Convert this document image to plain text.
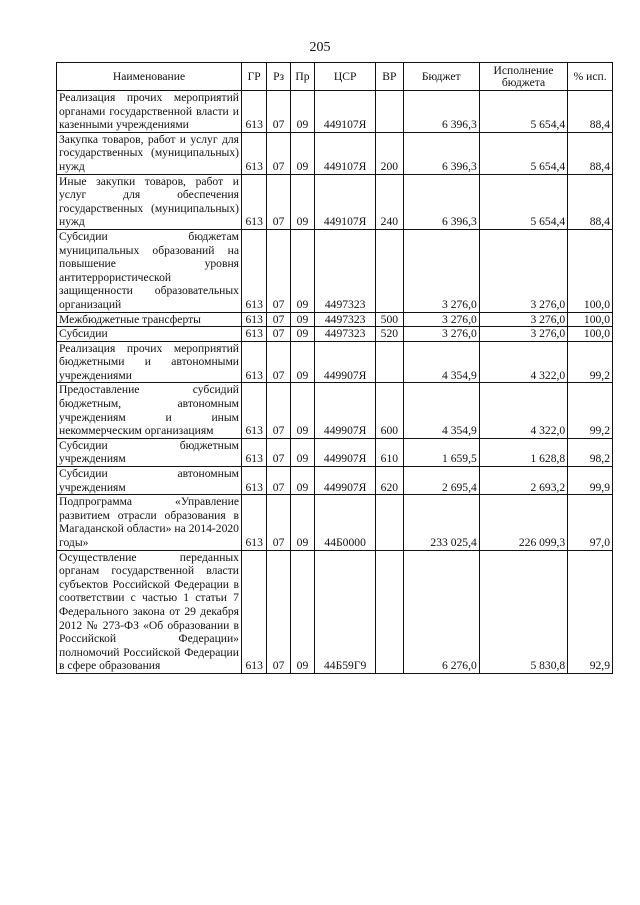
205
Наименование	ГР	Рз	Пр	ЦСР	ВР	Бюджет	Исполнение бюджета	% исп.
Реализация прочих мероприятий органами государственной власти и казенными учреждениями	613	07	09	449107Я		6 396,3	5 654,4	88,4
Закупка товаров, работ и услуг для государственных (муниципальных) нужд	613	07	09	449107Я	200	6 396,3	5 654,4	88,4
Иные закупки товаров, работ и услуг для обеспечения государственных (муниципальных) нужд	613	07	09	449107Я	240	6 396,3	5 654,4	88,4
Субсидии бюджетам муниципальных образований на повышение уровня антитеррористической защищенности образовательных организаций	613	07	09	4497323		3 276,0	3 276,0	100,0
Межбюджетные трансферты	613	07	09	4497323	500	3 276,0	3 276,0	100,0
Субсидии	613	07	09	4497323	520	3 276,0	3 276,0	100,0
Реализация прочих мероприятий бюджетными и автономными учреждениями	613	07	09	449907Я		4 354,9	4 322,0	99,2
Предоставление субсидий бюджетным, автономным учреждениям и иным некоммерческим организациям	613	07	09	449907Я	600	4 354,9	4 322,0	99,2
Субсидии бюджетным учреждениям	613	07	09	449907Я	610	1 659,5	1 628,8	98,2
Субсидии автономным учреждениям	613	07	09	449907Я	620	2 695,4	2 693,2	99,9
Подпрограмма «Управление развитием отрасли образования в Магаданской области» на 2014-2020 годы»	613	07	09	44Б0000		233 025,4	226 099,3	97,0
Осуществление переданных органам государственной власти субъектов Российской Федерации в соответствии с частью 1 статьи 7 Федерального закона от 29 декабря 2012 № 273-ФЗ «Об образовании в Российской Федерации» полномочий Российской Федерации в сфере образования	613	07	09	44Б59Г9		6 276,0	5 830,8	92,9
